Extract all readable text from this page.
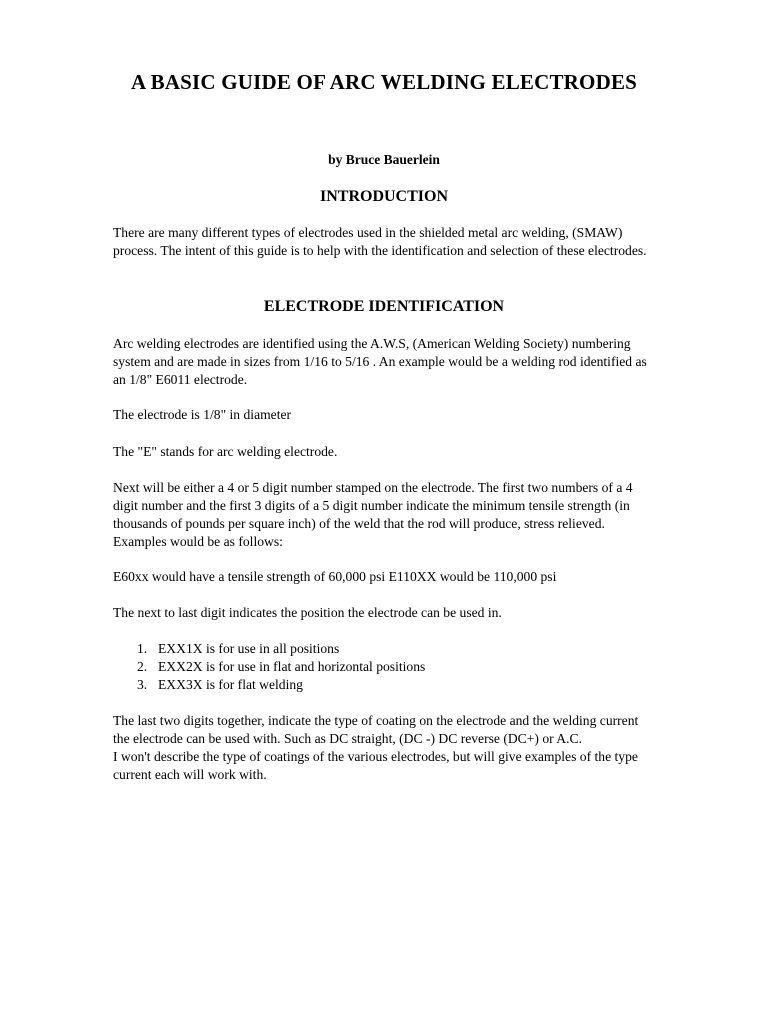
A BASIC GUIDE OF ARC WELDING ELECTRODES
by Bruce Bauerlein
INTRODUCTION
There are many different types of electrodes used in the shielded metal arc welding, (SMAW) process. The intent of this guide is to help with the identification and selection of these electrodes.
ELECTRODE IDENTIFICATION
Arc welding electrodes are identified using the A.W.S, (American Welding Society) numbering system and are made in sizes from 1/16 to 5/16 . An example would be a welding rod identified as an 1/8" E6011 electrode.
The electrode is 1/8" in diameter
The "E" stands for arc welding electrode.
Next will be either a 4 or 5 digit number stamped on the electrode. The first two numbers of a 4 digit number and the first 3 digits of a 5 digit number indicate the minimum tensile strength (in thousands of pounds per square inch) of the weld that the rod will produce, stress relieved. Examples would be as follows:
E60xx would have a tensile strength of 60,000 psi E110XX would be 110,000 psi
The next to last digit indicates the position the electrode can be used in.
1. EXX1X is for use in all positions
2. EXX2X is for use in flat and horizontal positions
3. EXX3X is for flat welding
The last two digits together, indicate the type of coating on the electrode and the welding current the electrode can be used with. Such as DC straight, (DC -) DC reverse (DC+) or A.C.
I won't describe the type of coatings of the various electrodes, but will give examples of the type current each will work with.
